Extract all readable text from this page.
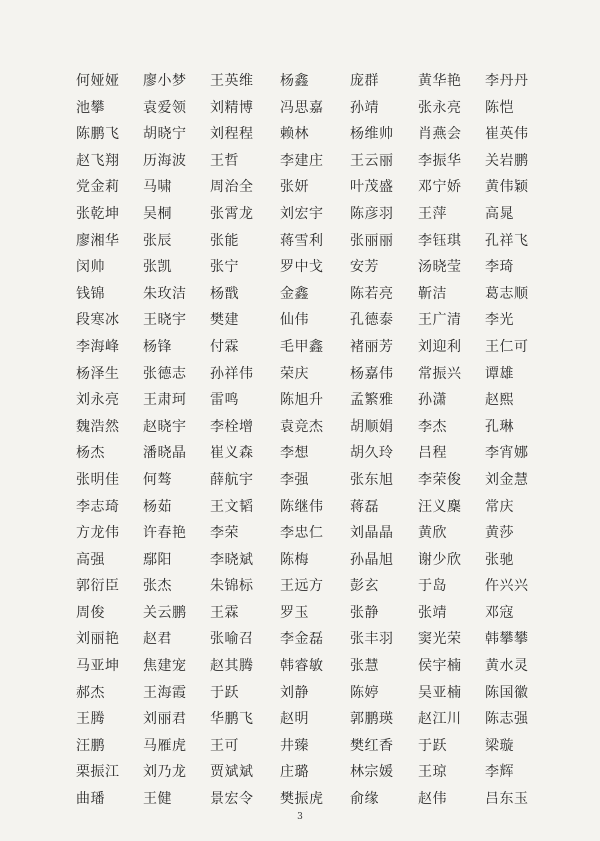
何娅娅	廖小梦	王英维	杨鑫	庞群	黄华艳	李丹丹
池攀	袁爱领	刘精博	冯思嘉	孙靖	张永亮	陈恺
陈鹏飞	胡晓宁	刘程程	赖林	杨维帅	肖燕会	崔英伟
赵飞翔	历海波	王哲	李建庄	王云丽	李振华	关岩鹏
党金莉	马啸	周治全	张妍	叶茂盛	邓宁娇	黄伟颖
张乾坤	吴桐	张霄龙	刘宏宇	陈彦羽	王萍	高晁
廖湘华	张辰	张能	蒋雪利	张丽丽	李钰琪	孔祥飞
闵帅	张凯	张宁	罗中戈	安芳	汤晓莹	李琦
钱锦	朱玫洁	杨戬	金鑫	陈若亮	靳洁	葛志顺
段寒冰	王晓宇	樊建	仙伟	孔德泰	王广清	李光
李海峰	杨锋	付霖	毛甲鑫	褚丽芳	刘迎利	王仁可
杨泽生	张德志	孙祥伟	荣庆	杨嘉伟	常振兴	谭雄
刘永亮	王肃珂	雷鸣	陈旭升	孟繁雅	孙潇	赵熙
魏浩然	赵晓宇	李栓增	袁竞杰	胡顺娟	李杰	孔琳
杨杰	潘晓晶	崔义森	李想	胡久玲	吕程	李宵娜
张明佳	何骜	薛航宇	李强	张东旭	李荣俊	刘金慧
李志琦	杨茹	王文韬	陈继伟	蒋磊	汪义麇	常庆
方龙伟	许春艳	李荣	李忠仁	刘晶晶	黄欣	黄莎
高强	鄢阳	李晓斌	陈梅	孙晶旭	谢少欣	张驰
郭衍臣	张杰	朱锦标	王远方	彭玄	于岛	仵兴兴
周俊	关云鹏	王霖	罗玉	张静	张靖	邓寇
刘丽艳	赵君	张喻召	李金磊	张丰羽	窦光荣	韩攀攀
马亚坤	焦建宠	赵其腾	韩睿敏	张慧	侯宇楠	黄水灵
郝杰	王海霞	于跃	刘静	陈婷	吴亚楠	陈国徽
王腾	刘丽君	华鹏飞	赵明	郭鹏瑛	赵江川	陈志强
汪鹏	马雁虎	王可	井臻	樊红香	于跃	梁璇
栗振江	刘乃龙	贾斌斌	庄璐	林宗媛	王琼	李辉
曲璠	王健	景宏令	樊振虎	俞缘	赵伟	吕东玉
3
